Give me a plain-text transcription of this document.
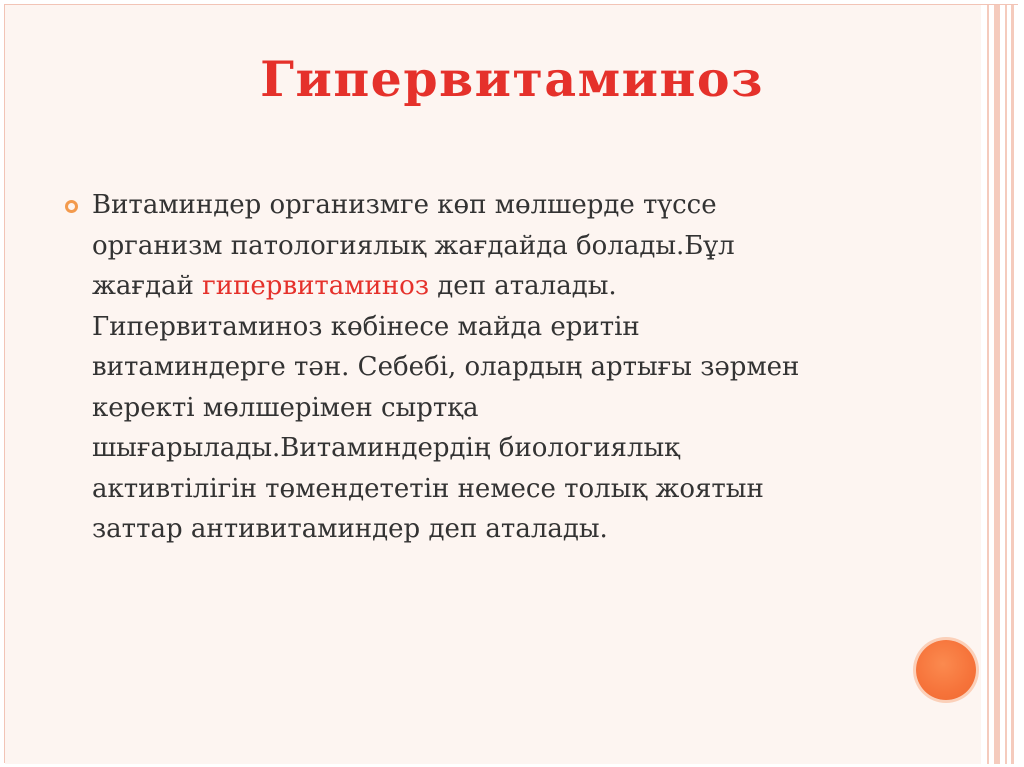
Гипервитаминоз

Витаминдер организмге көп мөлшерде түссе
организм патологиялық жағдайда болады.Бұл
жағдай гипервитаминоз деп аталады.
Гипервитаминоз көбінесе майда еритін
витаминдерге тән. Себебі, олардың артығы зәрмен
керекті мөлшерімен сыртқа
шығарылады.Витаминдердің биологиялық
активтілігін төмендететін немесе толық жоятын
заттар антивитаминдер деп аталады.
